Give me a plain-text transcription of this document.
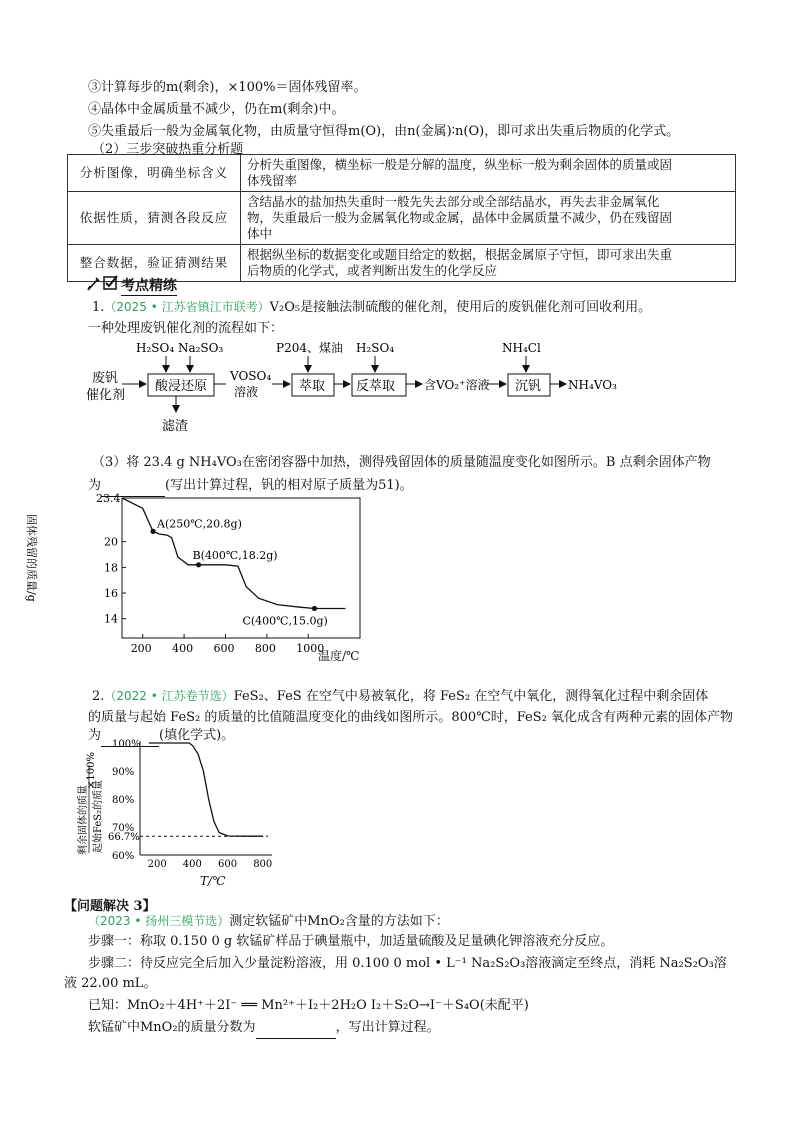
③计算每步的m(剩余)，×100%＝固体残留率。
④晶体中金属质量不减少，仍在m(剩余)中。
⑤失重最后一般为金属氧化物，由质量守恒得m(O)，由n(金属)∶n(O)，即可求出失重后物质的化学式。
（2）三步突破热重分析题
分析图像，明确坐标含义	分析失重图像，横坐标一般是分解的温度，纵坐标一般为剩余固体的质量或固
体残留率
依据性质，猜测各段反应	含结晶水的盐加热失重时一般先失去部分或全部结晶水，再失去非金属氧化
物，失重最后一般为金属氧化物或金属，晶体中金属质量不减少，仍在残留固
体中
整合数据，验证猜测结果	根据纵坐标的数据变化或题目给定的数据，根据金属原子守恒，即可求出失重
后物质的化学式，或者判断出发生的化学反应
考点精练
1.（2025 • 江苏省镇江市联考）V₂O₅是接触法制硫酸的催化剂，使用后的废钒催化剂可回收利用。
一种处理废钒催化剂的流程如下：
废钒
催化剂
H₂SO₄ Na₂SO₃
酸浸还原
滤渣
VOSO₄
溶液
P204、煤油
萃取
H₂SO₄
反萃取 含VO₂⁺溶液
NH₄Cl
沉钒 NH₄VO₃
（3）将 23.4 g NH₄VO₃在密闭容器中加热，测得残留固体的质量随温度变化如图所示。B 点剩余固体产物
为	(写出计算过程，钒的相对原子质量为51)。
固体残留的质量/g
200 400 600 800 1000
14
16
18
20
23.4
A(250℃,20.8g)
B(400℃,18.2g)
C(400℃,15.0g)
温度/℃
2.（2022 • 江苏卷节选）FeS₂、FeS 在空气中易被氧化，将 FeS₂ 在空气中氧化，测得氧化过程中剩余固体
的质量与起始 FeS₂ 的质量的比值随温度变化的曲线如图所示。800℃时，FeS₂ 氧化成含有两种元素的固体产物
为	(填化学式)。
剩余固体的质量 起始FeS₂的质量
×100%
100%
90%
80%
70%
60%
66.7%
200 400 600 800
T/℃
【问题解决 3】
（2023 • 扬州三模节选）测定软锰矿中MnO₂含量的方法如下：
步骤一：称取 0.150 0 g 软锰矿样品于碘量瓶中，加适量硫酸及足量碘化钾溶液充分反应。
步骤二：待反应完全后加入少量淀粉溶液，用 0.100 0 mol • L⁻¹ Na₂S₂O₃溶液滴定至终点，消耗 Na₂S₂O₃溶
液 22.00 mL。
已知：MnO₂＋4H⁺＋2I⁻ ══ Mn²⁺＋I₂＋2H₂O I₂＋S₂O→I⁻＋S₄O(未配平)
软锰矿中MnO₂的质量分数为	，写出计算过程。
